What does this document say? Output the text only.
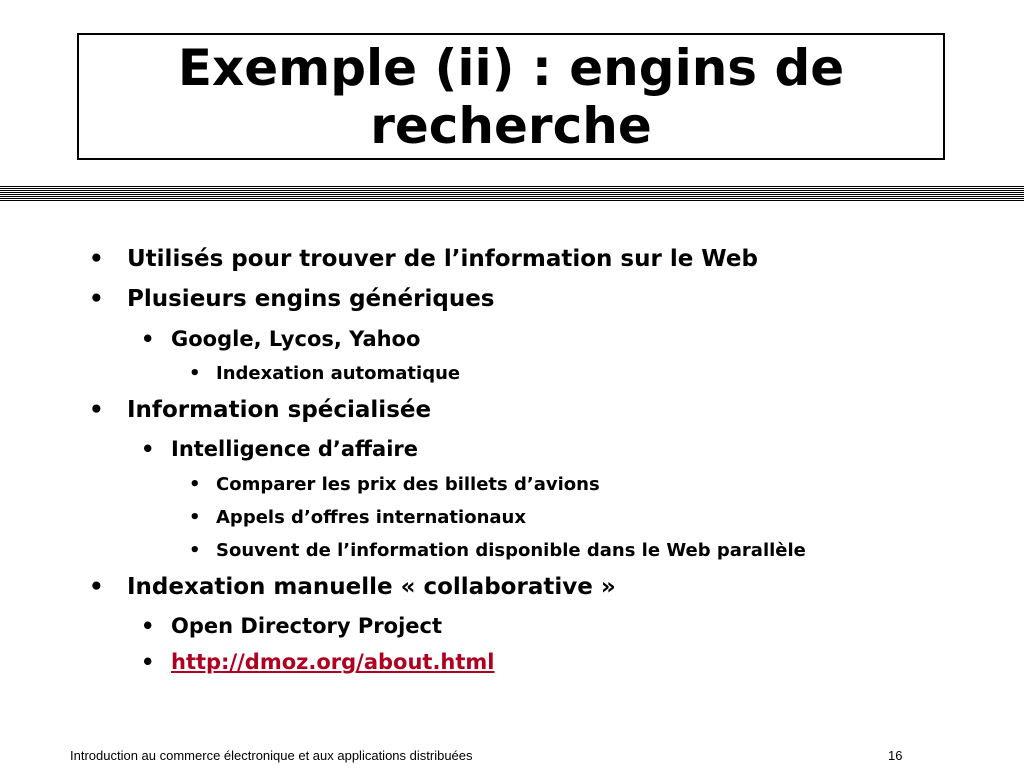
Exemple (ii) : engins de
recherche
•	Utilisés pour trouver de l’information sur le Web
•	Plusieurs engins génériques
• Google, Lycos, Yahoo
• Indexation automatique
•	Information spécialisée
• Intelligence d’affaire
• Comparer les prix des billets d’avions
• Appels d’offres internationaux
• Souvent de l’information disponible dans le Web parallèle
•	Indexation manuelle « collaborative »
• Open Directory Project
• http://dmoz.org/about.html
Introduction au commerce électronique et aux applications distribuées	16
